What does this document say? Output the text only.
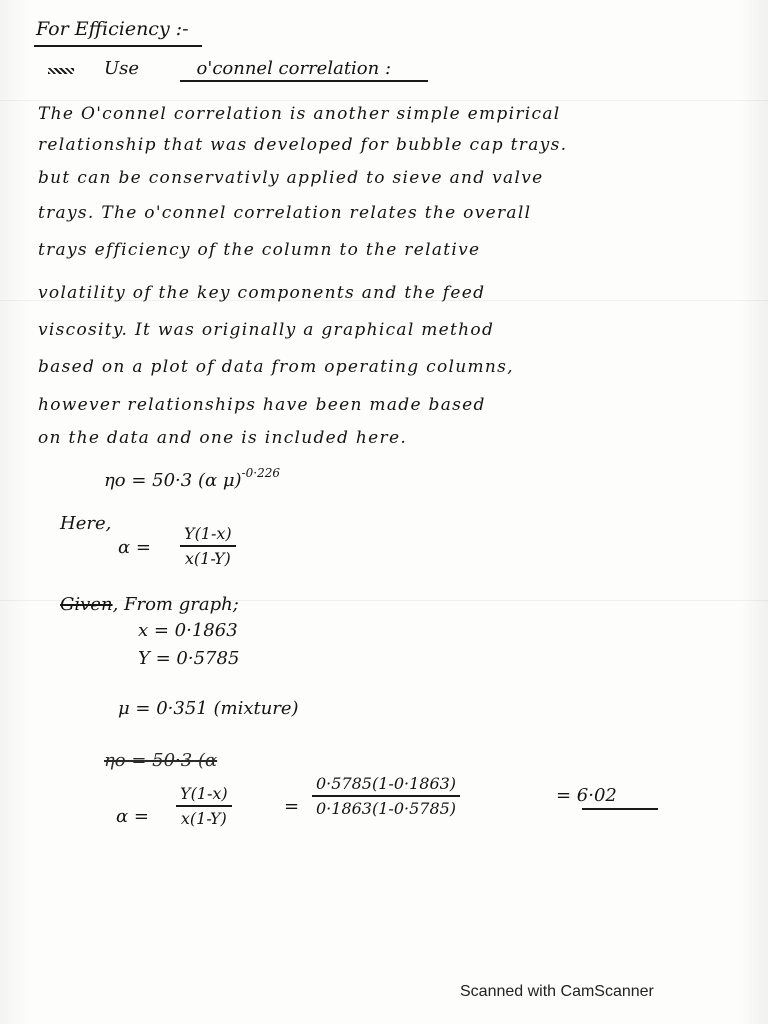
For Efficiency :-
Use	o'connel correlation :
The O'connel correlation is another simple empirical
relationship that was developed for bubble cap trays.
but can be conservativly applied to sieve and valve
trays. The o'connel correlation relates the overall
trays efficiency of the column to the relative
volatility of the key components and the feed
viscosity. It was originally a graphical method
based on a plot of data from operating columns,
however relationships have been made based
on the data and one is included here.
ηo = 50·3 (α μ)$^{-0\cdot 226}$
Here,
α =
Y(1-x)
x(1-Y)
Given, From graph;
x = 0·1863
Y = 0·5785
μ = 0·351 (mixture)
ηo = 50·3 (α
α =
Y(1-x)
x(1-Y)
=
0·5785(1-0·1863)
0·1863(1-0·5785)
= 6·02
Scanned with CamScanner
